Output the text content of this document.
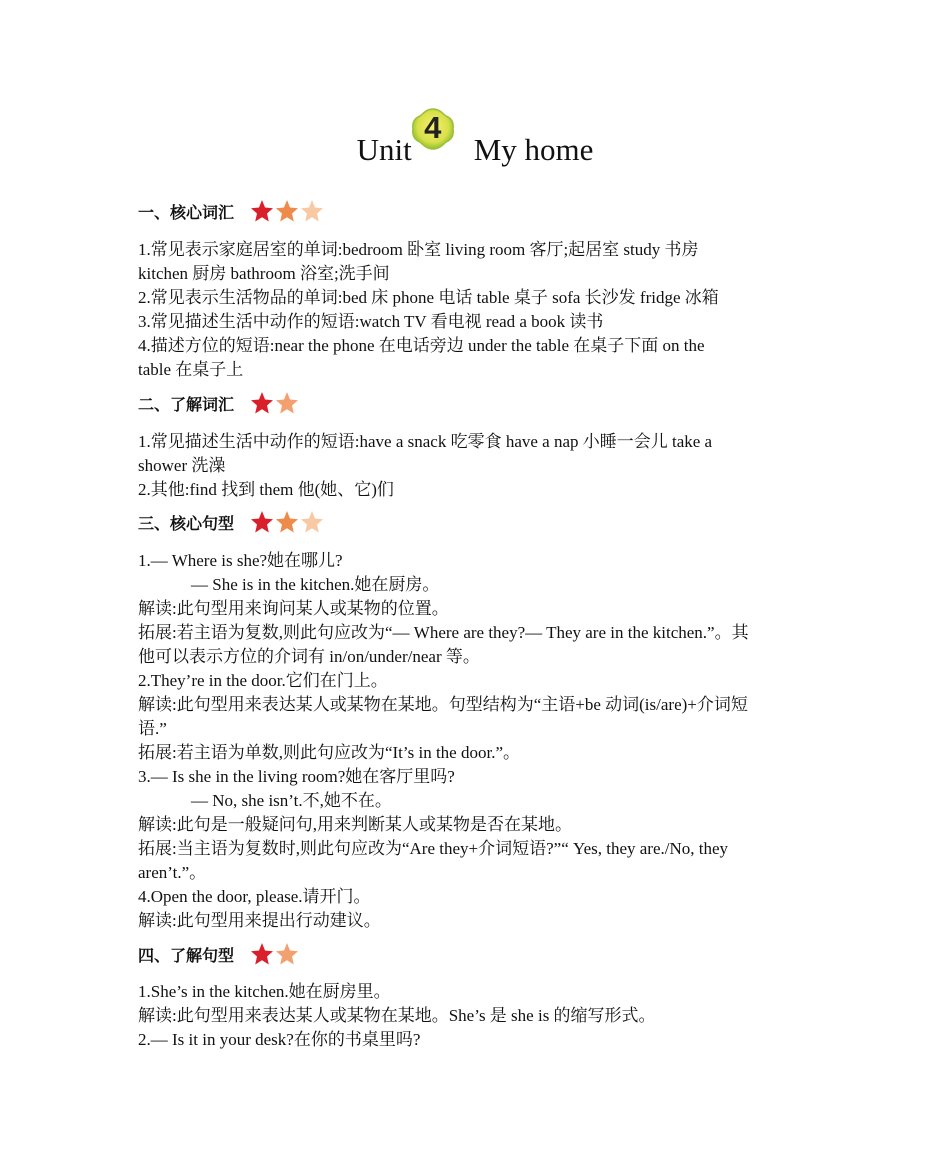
Unit
4
My home
一、核心词汇
1.常见表示家庭居室的单词:bedroom 卧室 living room 客厅;起居室 study 书房
kitchen 厨房 bathroom 浴室;洗手间
2.常见表示生活物品的单词:bed 床 phone 电话 table 桌子 sofa 长沙发 fridge 冰箱
3.常见描述生活中动作的短语:watch TV 看电视 read a book 读书
4.描述方位的短语:near the phone 在电话旁边 under the table 在桌子下面 on the
table 在桌子上
二、了解词汇
1.常见描述生活中动作的短语:have a snack 吃零食 have a nap 小睡一会儿 take a
shower 洗澡
2.其他:find 找到 them 他(她、它)们
三、核心句型
1.— Where is she?她在哪儿?
— She is in the kitchen.她在厨房。
解读:此句型用来询问某人或某物的位置。
拓展:若主语为复数,则此句应改为“— Where are they?— They are in the kitchen.”。其
他可以表示方位的介词有 in/on/under/near 等。
2.They’re in the door.它们在门上。
解读:此句型用来表达某人或某物在某地。句型结构为“主语+be 动词(is/are)+介词短
语.”
拓展:若主语为单数,则此句应改为“It’s in the door.”。
3.— Is she in the living room?她在客厅里吗?
— No, she isn’t.不,她不在。
解读:此句是一般疑问句,用来判断某人或某物是否在某地。
拓展:当主语为复数时,则此句应改为“Are they+介词短语?”“ Yes, they are./No, they
aren’t.”。
4.Open the door, please.请开门。
解读:此句型用来提出行动建议。
四、了解句型
1.She’s in the kitchen.她在厨房里。
解读:此句型用来表达某人或某物在某地。She’s 是 she is 的缩写形式。
2.— Is it in your desk?在你的书桌里吗?
